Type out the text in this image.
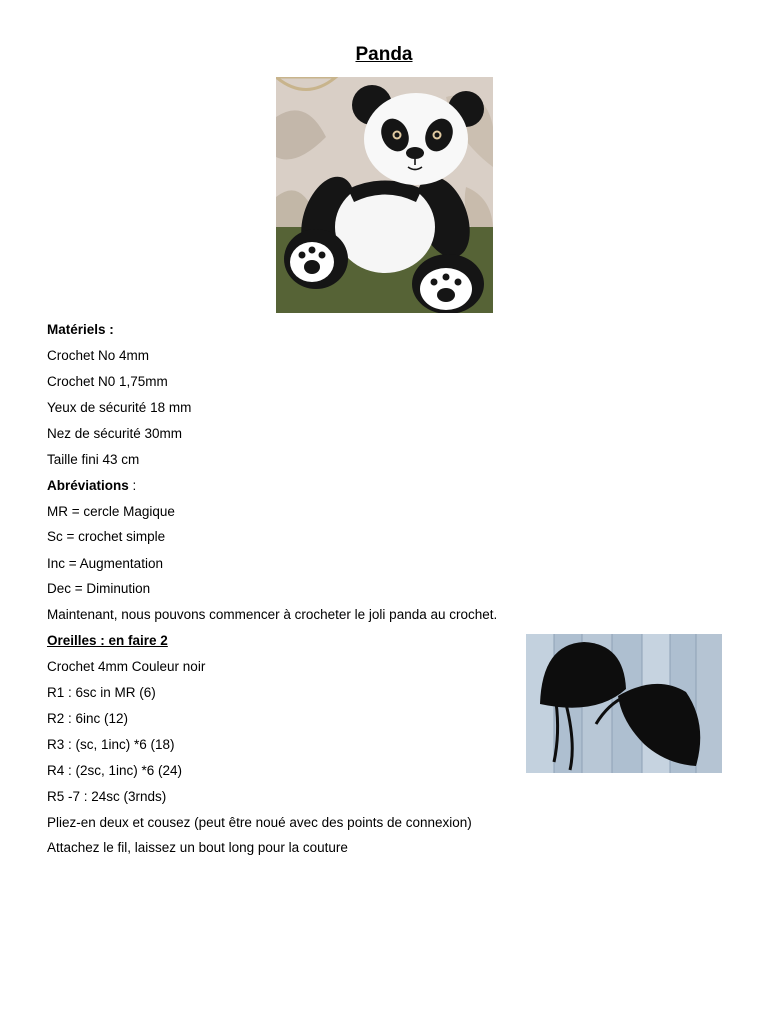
Panda
Matériels :
Crochet No 4mm
Crochet N0 1,75mm
Yeux de sécurité 18 mm
Nez de sécurité 30mm
Taille fini 43 cm
Abréviations :
MR = cercle Magique
Sc = crochet simple
Inc = Augmentation
Dec = Diminution
Maintenant, nous pouvons commencer à crocheter le joli panda au crochet.
Oreilles : en faire 2
Crochet 4mm Couleur noir
R1 : 6sc in MR (6)
R2 : 6inc (12)
R3 : (sc, 1inc) *6 (18)
R4 : (2sc, 1inc) *6 (24)
R5 -7 : 24sc (3rnds)
Pliez-en deux et cousez (peut être noué avec des points de connexion)
Attachez le fil, laissez un bout long pour la couture
